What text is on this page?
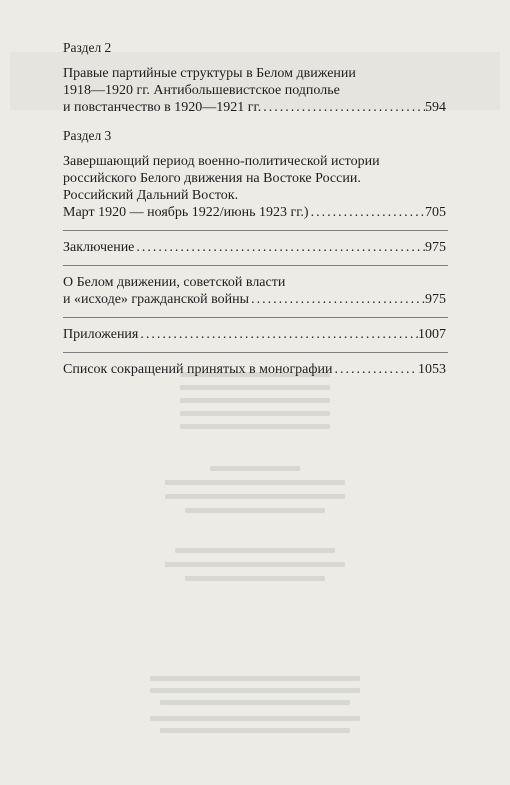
Раздел 2
Правые партийные структуры в Белом движении
1918—1920 гг. Антибольшевистское подполье
и повстанчество в 1920—1921 гг. .....	594
Раздел 3
Завершающий период военно-политической истории
российского Белого движения на Востоке России.
Российский Дальний Восток.
Март 1920 — ноябрь 1922/июнь 1923 гг.) .....	705
Заключение .....	975
О Белом движении, советской власти
и «исходе» гражданской войны .....	975
Приложения .....	1007
Список сокращений принятых в монографии .....	1053
